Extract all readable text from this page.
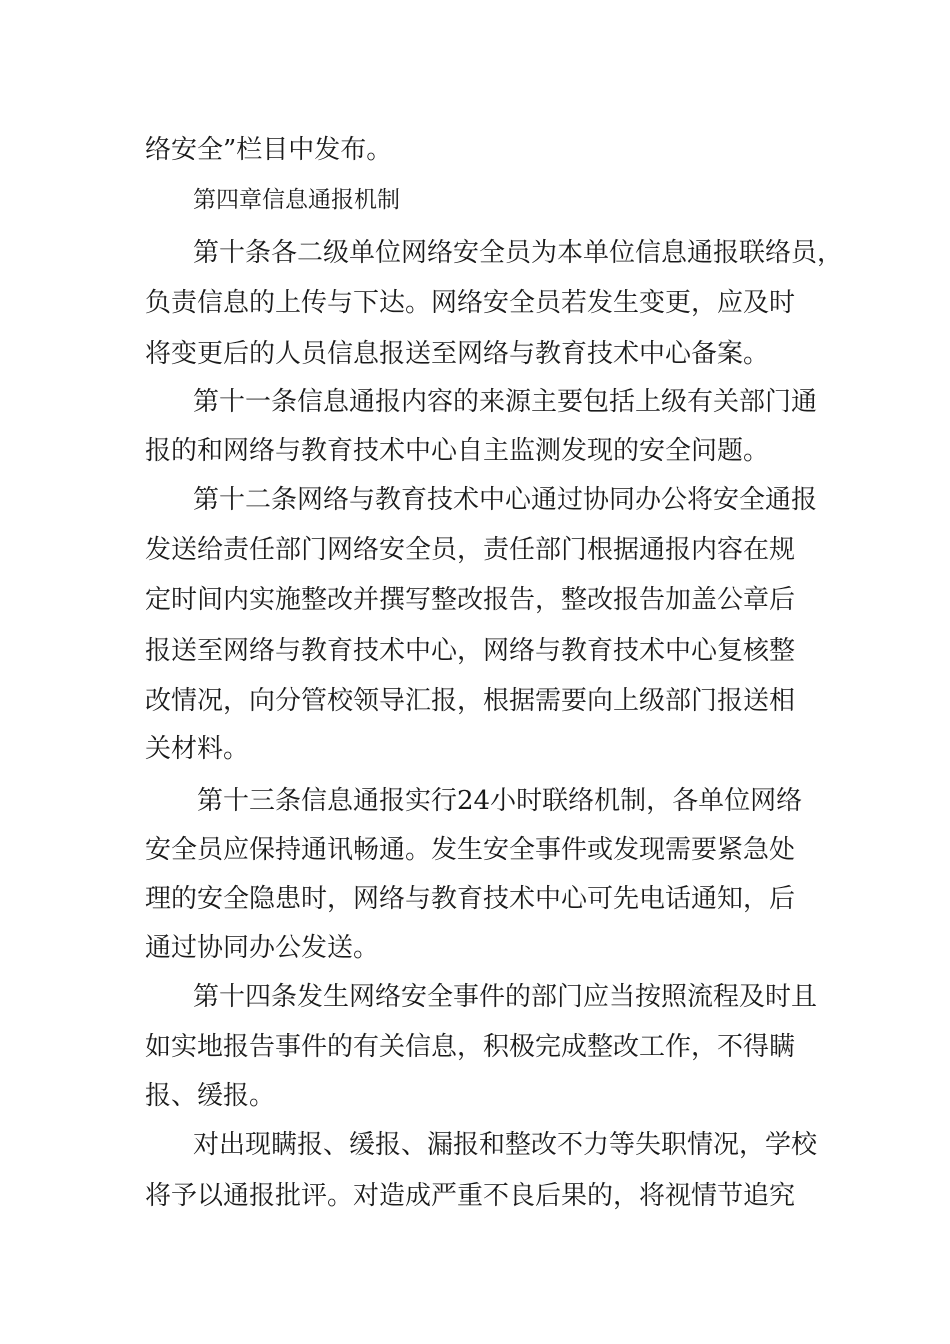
络安全”栏目中发布。

第四章信息通报机制

第十条各二级单位网络安全员为本单位信息通报联络员，

负责信息的上传与下达。网络安全员若发生变更，应及时

将变更后的人员信息报送至网络与教育技术中心备案。

第十一条信息通报内容的来源主要包括上级有关部门通

报的和网络与教育技术中心自主监测发现的安全问题。

第十二条网络与教育技术中心通过协同办公将安全通报

发送给责任部门网络安全员，责任部门根据通报内容在规

定时间内实施整改并撰写整改报告，整改报告加盖公章后

报送至网络与教育技术中心，网络与教育技术中心复核整

改情况，向分管校领导汇报，根据需要向上级部门报送相

关材料。

第十三条信息通报实行24小时联络机制，各单位网络

安全员应保持通讯畅通。发生安全事件或发现需要紧急处

理的安全隐患时，网络与教育技术中心可先电话通知，后

通过协同办公发送。

第十四条发生网络安全事件的部门应当按照流程及时且

如实地报告事件的有关信息，积极完成整改工作，不得瞒

报、缓报。

对出现瞒报、缓报、漏报和整改不力等失职情况，学校

将予以通报批评。对造成严重不良后果的，将视情节追究
